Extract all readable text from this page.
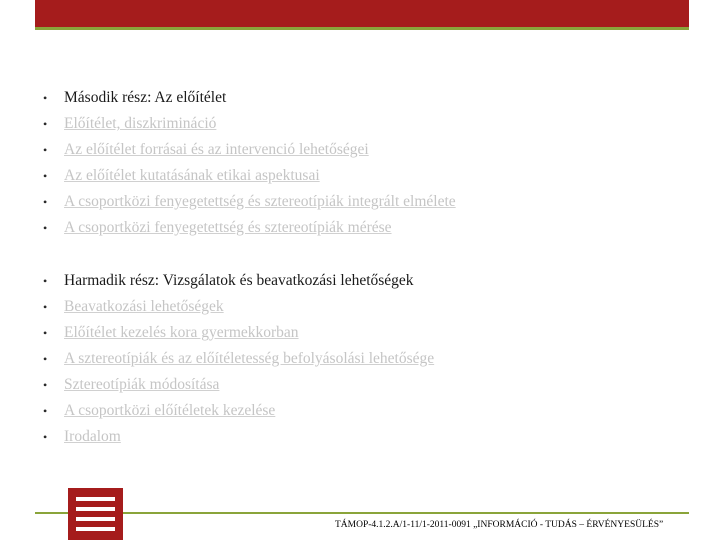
• Második rész: Az előítélet
• Előítélet, diszkrimináció
• Az előítélet forrásai és az intervenció lehetőségei
• Az előítélet kutatásának etikai aspektusai
• A csoportközi fenyegetettség és sztereotípiák integrált elmélete
• A csoportközi fenyegetettség és sztereotípiák mérése
• Harmadik rész: Vizsgálatok és beavatkozási lehetőségek
• Beavatkozási lehetőségek
• Előítélet kezelés kora gyermekkorban
• A sztereotípiák és az előítéletesség befolyásolási lehetősége
• Sztereotípiák módosítása
• A csoportközi előítéletek kezelése
• Irodalom
TÁMOP-4.1.2.A/1-11/1-2011-0091 „INFORMÁCIÓ - TUDÁS – ÉRVÉNYESÜLÉS”
